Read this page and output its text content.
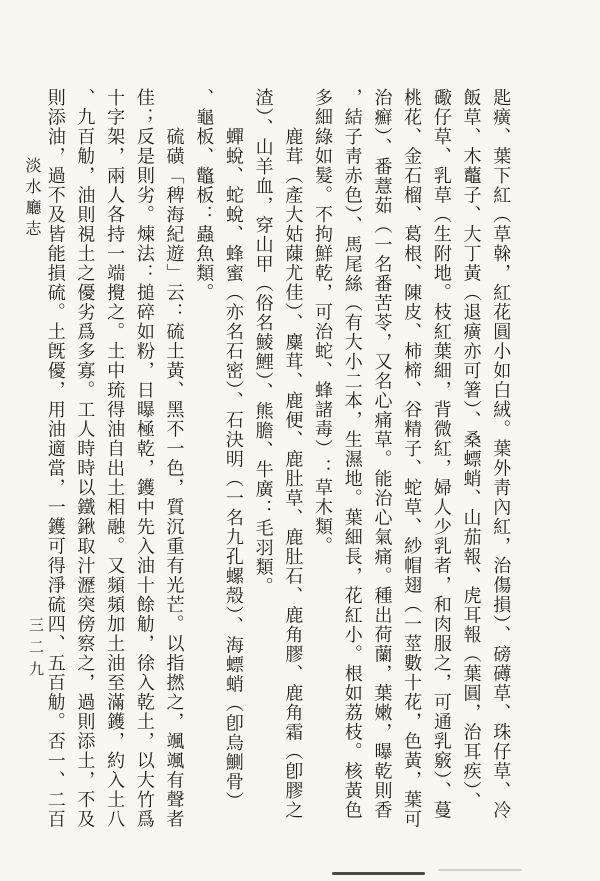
匙癀、葉下紅（草榦，紅花圓小如白絨。葉外靑內紅，治傷損）、磅礡草、珠仔草、冷
飯草、木虌子、大丁黃（退癀亦可箸）、桑螵蛸、山茄報、虎耳報（葉圓，治耳疾）、
礮仔草、乳草（生附地。枝紅葉細，背微紅，婦人少乳者，和肉服之，可通乳竅）、蔓
桃花、金石榴、葛根、陳皮、柿楴、谷精子、蛇草、紗帽翅（一莖數十花，色黃，葉可
治癬）、番薏茹（一名番苦苓，又名心痛草。能治心氣痛。種出荷蘭，葉嫩，曝乾則香
，結子靑赤色）、馬尾絲（有大小二本，生濕地。葉細長，花紅小。根如荔枝。核黃色
多細綠如髮。不拘鮮乾，可治蛇、蜂諸毒）：草木類。
鹿茸（產大姑蔯尤佳）、麋茸、鹿便、鹿肚草、鹿肚石、鹿角膠、鹿角霜（卽膠之
渣）、山羊血，穿山甲（俗名鯪鯉）、熊膽、牛廣：毛羽類。
蟬蛻、蛇蛻、蜂蜜（亦名石密）、石決明（一名九孔螺殼）、海螵蛸（卽烏鰂骨）
、龜板、鼈板：蟲魚類。
硫磺「稗海紀遊」云：硫土黃、黑不一色，質沉重有光芒。以指撚之，颯颯有聲者
佳；反是則劣。煉法：搥碎如粉，日曝極乾，鑊中先入油十餘觔，徐入乾土，以大竹爲
十字架，兩人各持一端攪之。土中琉得油自出土相融。又頻頻加土油至滿鑊，約入土八
、九百觔，油則視土之優劣爲多寡。工人時時以鐵鍬取汁瀝突傍察之，過則添土，不及
則添油，過不及皆能損硫。土旣優，用油適當，一鑊可得淨硫四、五百觔。否一、二百
淡水廳志
三二九
